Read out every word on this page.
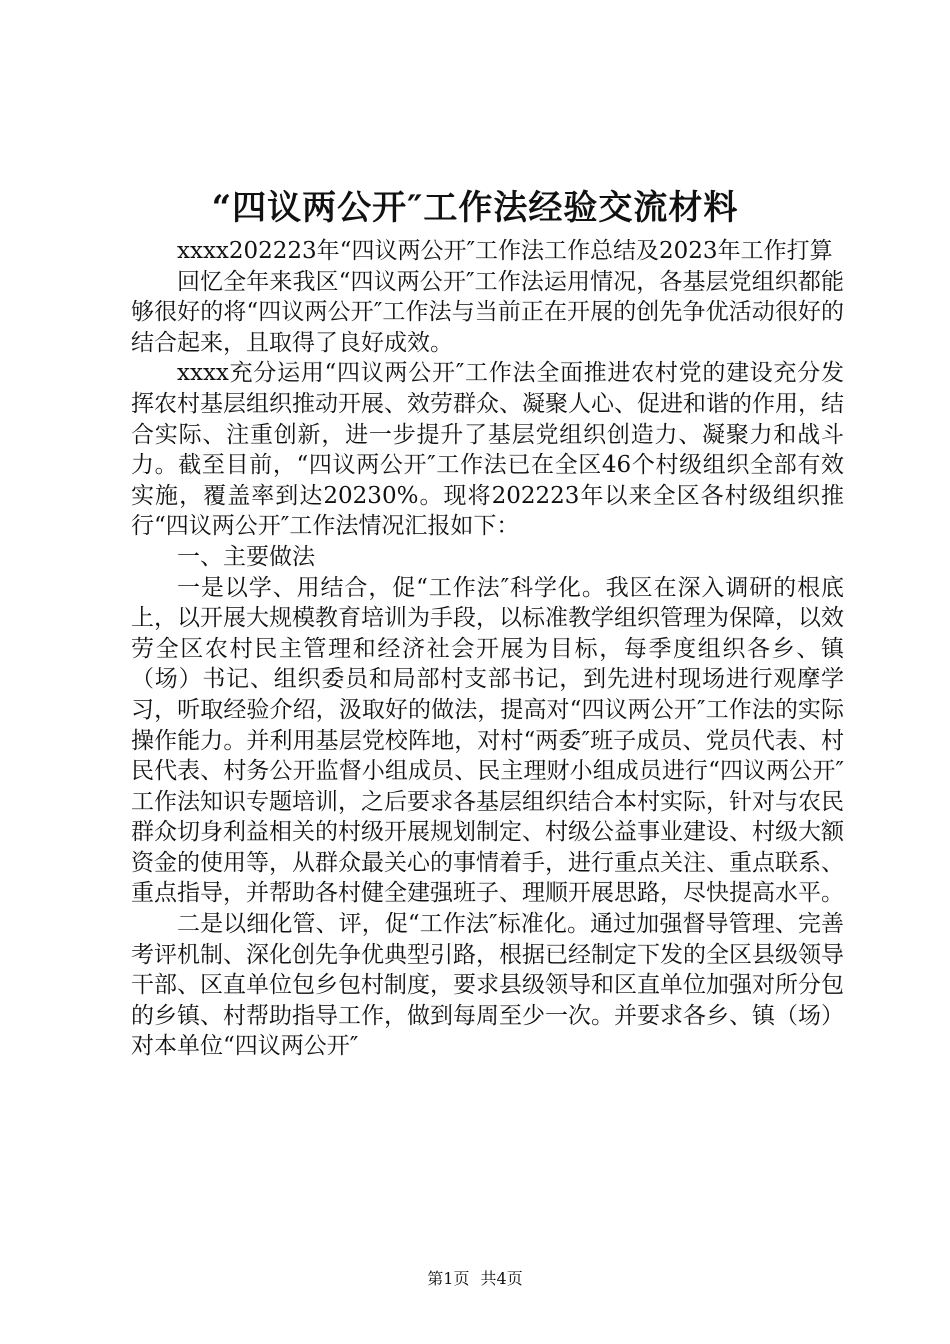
“四议两公开″工作法经验交流材料

xxxx202223年“四议两公开″工作法工作总结及2023年工作打算

回忆全年来我区“四议两公开″工作法运用情况，各基层党组织都能够很好的将“四议两公开″工作法与当前正在开展的创先争优活动很好的结合起来，且取得了良好成效。

xxxx充分运用“四议两公开″工作法全面推进农村党的建设充分发挥农村基层组织推动开展、效劳群众、凝聚人心、促进和谐的作用，结合实际、注重创新，进一步提升了基层党组织创造力、凝聚力和战斗力。截至目前，“四议两公开″工作法已在全区46个村级组织全部有效实施，覆盖率到达20230%。现将202223年以来全区各村级组织推行“四议两公开″工作法情况汇报如下：

一、主要做法

一是以学、用结合，促“工作法″科学化。我区在深入调研的根底上，以开展大规模教育培训为手段，以标准教学组织管理为保障，以效劳全区农村民主管理和经济社会开展为目标，每季度组织各乡、镇（场）书记、组织委员和局部村支部书记，到先进村现场进行观摩学习，听取经验介绍，汲取好的做法，提高对“四议两公开″工作法的实际操作能力。并利用基层党校阵地，对村“两委″班子成员、党员代表、村民代表、村务公开监督小组成员、民主理财小组成员进行“四议两公开″工作法知识专题培训，之后要求各基层组织结合本村实际，针对与农民群众切身利益相关的村级开展规划制定、村级公益事业建设、村级大额资金的使用等，从群众最关心的事情着手，进行重点关注、重点联系、重点指导，并帮助各村健全建强班子、理顺开展思路，尽快提高水平。

二是以细化管、评，促“工作法″标准化。通过加强督导管理、完善考评机制、深化创先争优典型引路，根据已经制定下发的全区县级领导干部、区直单位包乡包村制度，要求县级领导和区直单位加强对所分包的乡镇、村帮助指导工作，做到每周至少一次。并要求各乡、镇（场）对本单位“四议两公开″

第1页 共4页
